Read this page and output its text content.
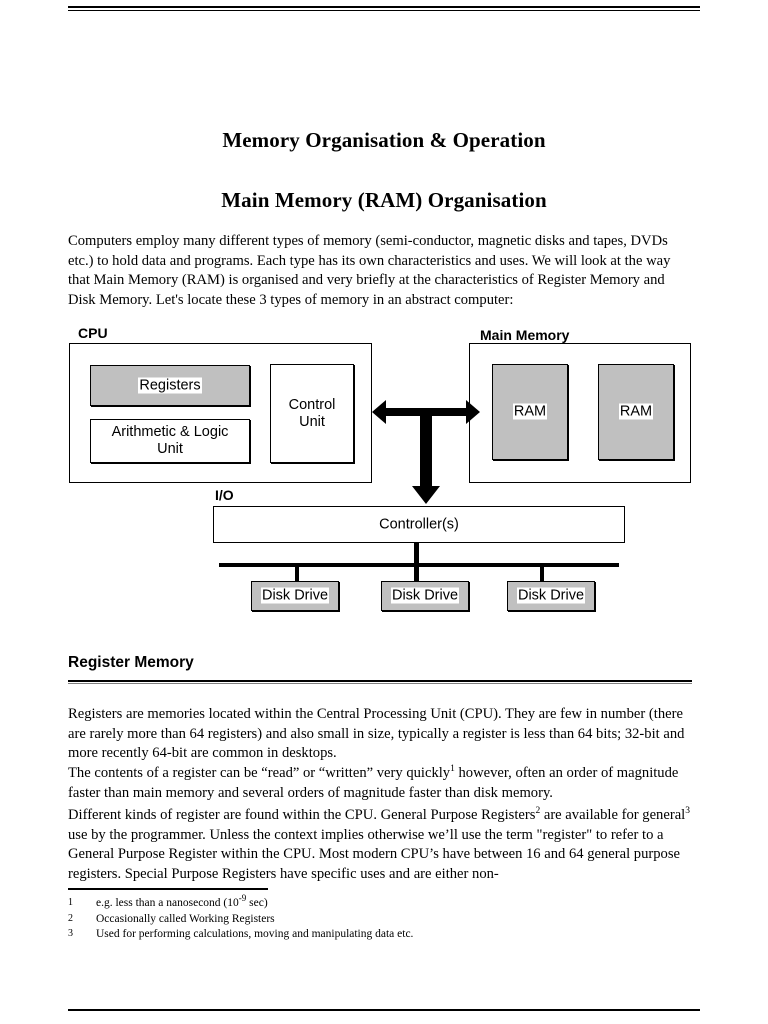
Memory Organisation & Operation
Main Memory (RAM) Organisation
Computers employ many different types of memory (semi-conductor, magnetic disks and tapes, DVDs etc.) to hold data and programs. Each type has its own characteristics and uses. We will look at the way that Main Memory (RAM) is organised and very briefly at the characteristics of Register Memory and Disk Memory. Let's locate these 3 types of memory in an abstract computer:
CPU	Main Memory
I/O
Registers
Arithmetic & Logic
Unit
Control
Unit
RAM	RAM
Controller(s)
Disk Drive	Disk Drive	Disk Drive
Register Memory
Registers are memories located within the Central Processing Unit (CPU). They are few in number (there are rarely more than 64 registers) and also small in size, typically a register is less than 64 bits; 32-bit and more recently 64-bit are common in desktops.
The contents of a register can be “read” or “written” very quickly$^1$ however, often an order of magnitude faster than main memory and several orders of magnitude faster than disk memory.
Different kinds of register are found within the CPU. General Purpose Registers$^2$ are available for general$^3$ use by the programmer. Unless the context implies otherwise we’ll use the term "register" to refer to a General Purpose Register within the CPU. Most modern CPU’s have between 16 and 64 general purpose registers. Special Purpose Registers have specific uses and are either non-
1 e.g. less than a nanosecond ($10^{-9}$ sec)
2 Occasionally called Working Registers
3 Used for performing calculations, moving and manipulating data etc.
